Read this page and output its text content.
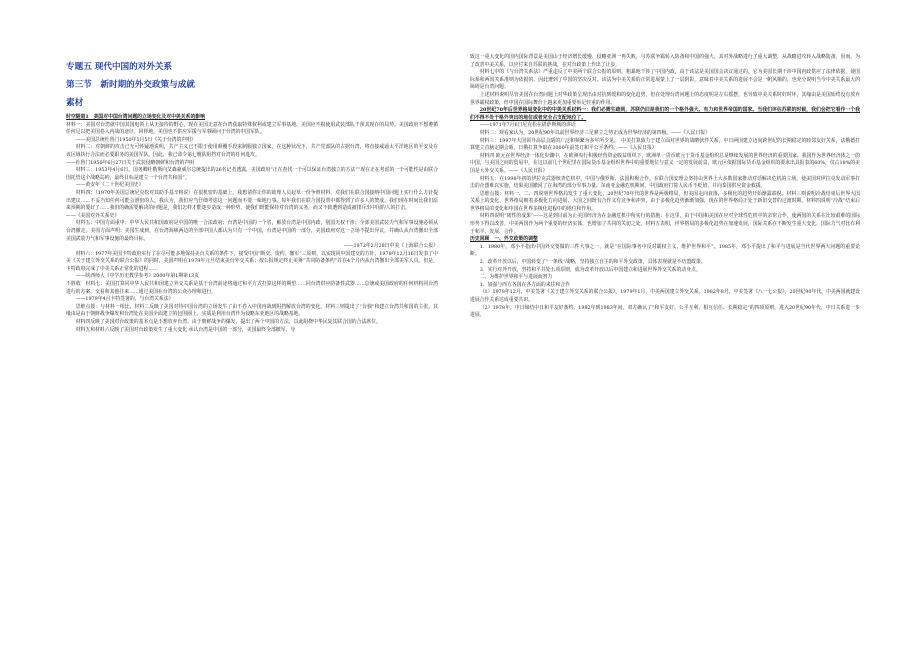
专题五 现代中国的对外关系
第三节　新时期的外交政策与成就
素材

时空隧道1　美国对中国台湾问题的立场变化及对中美关系的影响

材料一：美国对台湾就中国其国电领土从无接待的野心，现在美国无意在台湾获取特殊权利或建立军事基地。美国应不损使用武装部队干预其现在的局势。美国政府不想遵循任何足以把美国卷入内战的途径。同样地，美国也不供应军援与军事顾问于台湾的中国军队。

——美国总统杜鲁门1950年1月5日《关于台湾的声明》

材料二：对朝鲜的攻击已无可怀疑地说明，共产主义已不限于使用颠覆手段来制服独立国家，在这种状况下，共产党部队的占据台湾，将直接威逼太平洋地区的平安及在该区域执行合法而必要职务的美国军队。因此，我已命令第七舰队阻挡对台湾的任何进攻。

——杜鲁门1950年6月27日关于武装侵略朝鲜和台湾的声明

材料三：1953年4月6日，国务卿杜勒斯向艾森豪威尔总统提出的26名记者透露，美国政府“正在查找一个可以保证台湾独立的方法”“现在正在考虑的一个可能性是由联合国托管这个战略岛屿，最终目标是建立一个台湾共和国”。

——黄安年《二十世纪美国史》

材料四：（1970年美国总统尼克松对其助手基辛格说）在很机密的基础上，我想请你让你的助理人员起草一份争辩材料，对我们在联合国接纳中国问题上实行什么方针提出建议……不妥当知任何可能会泄密的人。我认为，我们应当仔细考虑这一问题而不要一味地行事。每年我们在联合国投票中都得到了许多人的赞成，我们现在时间比我们原来预期的要好了……我们的确需要解决的问题是，我们怎样才能逐步造成一种形势，使我们既能保持对台湾的义务，而又不致遭到造成被排斥出中国的人的打击。

——《美国对外关系史》

材料五：中国方面重申：中华人民共和国政府是中国的唯一合法政府；台湾是中国的一个省，解放台湾是中国内政，别国无权干涉；全部美国武装力气和军事设施必须从台湾撤走。美国方面声明：美国生成到，在台湾海峡两边的全部中国人都认为只有一个中国，台湾是中国的一部分。美国政府对这一立场不提出异议，并确认从台湾撤出全部美国武装力气和军事设施的最终目标。

——1972年2月28日中美《上海联合公报》

材料六：1977年美国卡特政府实行了在尽可能多地保持美台关系的条件下，接受中国“断交、废约、撤军”三原则，以实现同中国建交的方针。1978年12月16日发表了中美《关于建立外交关系的联合公报》的同时，美国声明在1979年元旦结束美台外交关系；按公报规定终止美蒋“共同防备条约”并在4个月内从台湾撤出全部美军人员。但是，卡特政府完成了中美关系正常化的进程……

——陕西师大《中学历史教学参考》2000年第1期第13页

不胜收　材料七：美国打算同中华人民共和国建立外交关系是基于台湾前途将通过和平方式打算这样的期望……同台湾供应防备性武器……总统或美国政府的任何机构同台湾进行的方案、交易和其他往来……通过美国在台湾的公众办理和进行。

——1979年4月卡特签署的，与台湾关系法》

思维点拨：与材料一相比，材料二反映了美国对待中国台湾的立场发生了由不卷入中国内战到阻挡解放台湾的变化。材料三则提出了“台独”和建立台湾共和国的主张。其缘由是由于朝鲜战争爆发和台湾处在美国全面建立的包围圈上，实质是利用台湾作为侵略东亚地区的战略基地。

材料四反映了美国对台政策的基本点是不想放弃台湾。由于朝鲜战争的爆发，提出了两个中国的方法，以此阻挠中华民复其联合国的合法席位。

材料五和材料六反映了美国对台政策发生了重大变化 承认台湾是中国的一部分，美国最终全部撤军。导

致这一重大变化的国内国际背景是美国山于经济增长缓慢、侵略亚洲一再失败，与苏联争霸转入防备和中国的强大，其对外战略进行了重大调整，从战略进攻转入战略防备。因而，为了改善中美关系，以应付来自苏联的挑战，在对台政策上作出了让步。

材料七中的《与台湾关系法》严重违反了中美两个联合公报的原则，粗暴地干涉了中国内政，由于该法是美国国会决议通过的，它为美国长期干涉中国内政供应了法律依据，使国际系和两国关系准则为依据的。因此遭到了中国的坚决反对。该法为中美关系的正常进展蒙上了一层阴影，意味着中美关系的进展不会是一帆风顺的，也充分说明当今中美关系最大的障碍是台湾问题；

上述材料说明尽管美国在台湾问题上对华政策呈现出由对抗到缓和的变化趋势，但在处理台湾问题上的态度明是左右摇摆，也导致中美关系时好时坏，其缘由是美国始终没有放弃世界霸权政策，但中国在国际舞台上越来更加重要举足轻重的作用。

20世纪70年后世界格局变化中的中美关系材料一：我们必需生疏到，苏联仍旧是我们的一个格外强大、有力和世界帝国的国家。当我们评估苏联的时候，我们会把它看作一个我们不得不处于格外突出的地位或者完全占支配地位了。

——1971年7月6日尼克松在堪萨斯城的讲话

材料二：观看家认为，20世纪90年以前世界经济三足鼎立之势正成为世界经济的第四极。——《人民日报》

材料三：1997年大国领导高层会晤的广泛和频繁为多年所少见。　中美打算致力于建立面对世界的战略伙伴关系，中日两国建立迈向跨世纪的长期稳定的睦邻友好关系，法俄德打算建立首脑定期会晤，日俄打算争取在2000年前签订和平公平条约。——《人民日报》

材料四 欧元在世界经济一体化步骤中，在欧洲央行积极经营资金收益组织下，欧洲单一货币欧元于货币基金组织总是继续发展的世界经济的重要国家。我国作为世界经济体之一的中国，与美国之间的贸易中，在这以前几个世纪里在国际货币基金组织世界中的重要地位与意义一定的发展前景，欧元区依据国际货币基金组织的要求出具报表的60%，仅占18%的美国是大外交关系。——《人民日报》

材料五：在1998年初的伊拉克武器核查危机中，中国与俄罗斯、法国积极合作，在联合国安理会坚持由世界上大多数国家推动对话解决危机的立场，使美国对伊拉克发动军事打击的企图难以实施，结果美国撤回了在海湾的部分军事力量。东南亚金融危机期间，中国政府打算人民币不贬值，并向泰国供应资金救援。

思维点拨：材料一、二、四说明世界格局发生了重大变化，20世纪70年代的世界是两极格局，但美国走向衰落，多极化的趋势开始渐露端倪。材料三则说明冷战结束后世界大国关系上的变化，世界格局朝着多极化方向进展，大国之间既有合作又有竞争和冲突，由于多极化趋势渐渐加强，现在的世界格局正处于新旧交替的过渡时期。材料四说明“冷战”结束后世界格局的变化和中国在世界多极化进程中的地位和作用。

材料四说明“韧性的成果”——这是到目前为止美国经济为在金融危机中所实行的措施：在这里，由于中国和美国在应对全球性危机中的亲密合作，使两国的关系在比较艰难的国际形势下得以改善，中美两国作为两个重要的经济实体，也增加了共同的关切之处。材料五表明，世界格局的多极化趋势在加速发展，国际关系在不断发生重大变化，国际力气对比有利于和平、发展、合作。

历史回顾　一、外交政策的调整

1．1980年，邓小平指出中国外交要做的三件大事之一，就是“在国际事务中反对霸权主义，维护世界和平”。1985年，邓小平提出了和平与进展是当代世界两大问题的重要论断。

2．改革开放以后，中国转变了“一条线”战略，坚持独立自主的和平外交政策，具体表现就是不结盟政策。

3．实行对外开放，坚持和平共处五项原则，成为改革开放以后中国建立和进展世界外交关系的动身点。

二、为维护世界和平与进展而努力

1．加强与西方各国在各方面的来往和合作

（1）1978年12月，中美签署《关于建立外交关系的联合公报》。1979年1月，中美两国建立外交关系。1982年8月，中美签署《八一七公报》。20世纪90年代，中美两国就建设进展合作关系达成重要共识。

（2）1978年，中日缔结中日和平友好条约。1982年到1983年间，双方确认了“和平友好、公平互利、相互信任、长期稳定”的四项原则，进入20世纪90年代，中日关系进一步进展。
